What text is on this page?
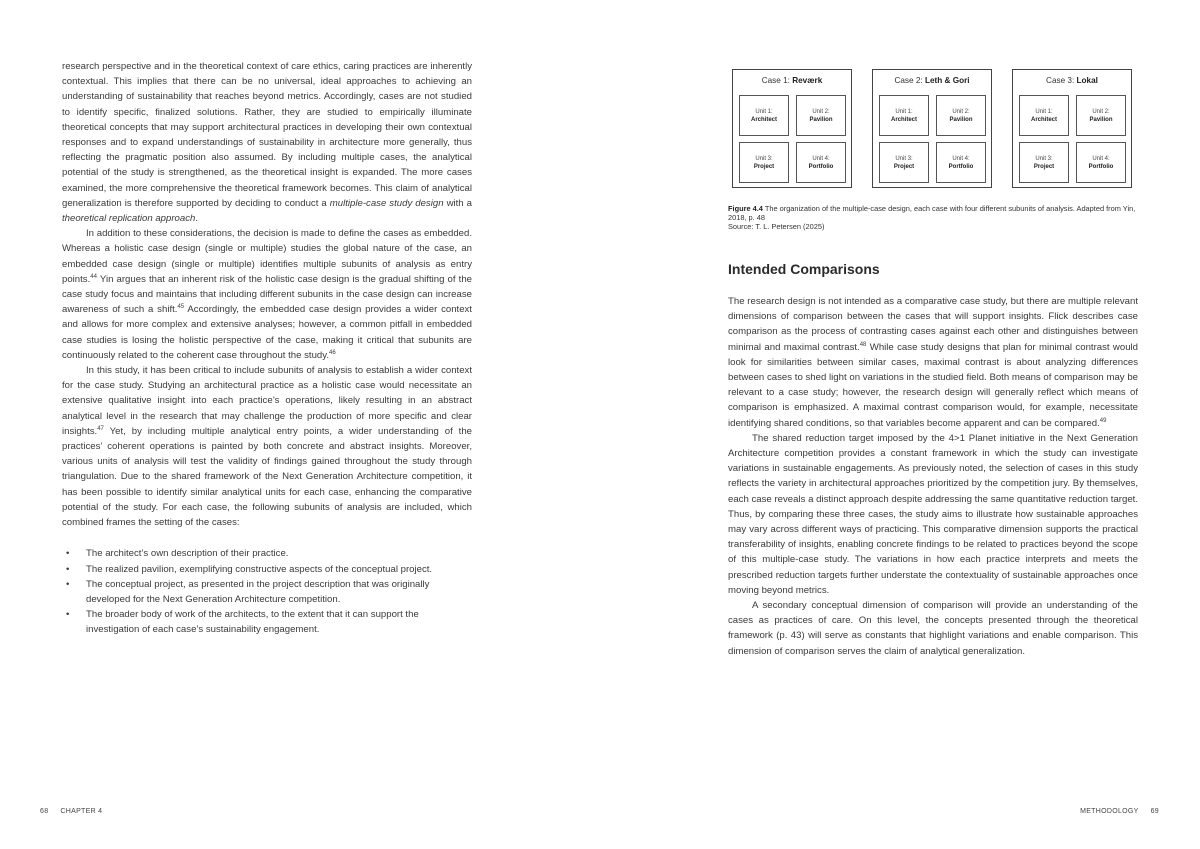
research perspective and in the theoretical context of care ethics, caring practices are inherently contextual. This implies that there can be no universal, ideal approaches to achieving an understanding of sustainability that reaches beyond metrics. Accordingly, cases are not studied to identify specific, finalized solutions. Rather, they are studied to empirically illuminate theoretical concepts that may support architectural practices in developing their own contextual responses and to expand understandings of sustainability in architecture more generally, thus reflecting the pragmatic position also assumed. By including multiple cases, the analytical potential of the study is strengthened, as the theoretical insight is expanded. The more cases examined, the more comprehensive the theoretical framework becomes. This claim of analytical generalization is therefore supported by deciding to conduct a multiple-case study design with a theoretical replication approach.

In addition to these considerations, the decision is made to define the cases as embedded. Whereas a holistic case design (single or multiple) studies the global nature of the case, an embedded case design (single or multiple) identifies multiple subunits of analysis as entry points.$^{44}$ Yin argues that an inherent risk of the holistic case design is the gradual shifting of the case study focus and maintains that including different subunits in the case design can increase awareness of such a shift.$^{45}$ Accordingly, the embedded case design provides a wider context and allows for more complex and extensive analyses; however, a common pitfall in embedded case studies is losing the holistic perspective of the case, making it critical that subunits are continuously related to the coherent case throughout the study.$^{46}$

In this study, it has been critical to include subunits of analysis to establish a wider context for the case study. Studying an architectural practice as a holistic case would necessitate an extensive qualitative insight into each practice’s operations, likely resulting in an abstract analytical level in the research that may challenge the production of more specific and clear insights.$^{47}$ Yet, by including multiple analytical entry points, a wider understanding of the practices’ coherent operations is painted by both concrete and abstract insights. Moreover, various units of analysis will test the validity of findings gained throughout the study through triangulation. Due to the shared framework of the Next Generation Architecture competition, it has been possible to identify similar analytical units for each case, enhancing the comparative potential of the study. For each case, the following subunits of analysis are included, which combined frames the setting of the cases:

• The architect’s own description of their practice.
• The realized pavilion, exemplifying constructive aspects of the conceptual project.
• The conceptual project, as presented in the project description that was originally developed for the Next Generation Architecture competition.
• The broader body of work of the architects, to the extent that it can support the investigation of each case’s sustainability engagement.
Case 1: Reværk
Unit 1:
Architect
Unit 2:
Pavilion
Unit 3:
Project
Unit 4:
Portfolio
Case 2: Leth & Gori
Unit 1:
Architect
Unit 2:
Pavilion
Unit 3:
Project
Unit 4:
Portfolio
Case 3: Lokal
Unit 1:
Architect
Unit 2:
Pavilion
Unit 3:
Project
Unit 4:
Portfolio
Figure 4.4 The organization of the multiple-case design, each case with four different subunits of analysis. Adapted from Yin, 2018, p. 48
Source: T. L. Petersen (2025)
Intended Comparisons

The research design is not intended as a comparative case study, but there are multiple relevant dimensions of comparison between the cases that will support insights. Flick describes case comparison as the process of contrasting cases against each other and distinguishes between minimal and maximal contrast.$^{48}$ While case study designs that plan for minimal contrast would look for similarities between similar cases, maximal contrast is about analyzing differences between cases to shed light on variations in the studied field. Both means of comparison may be relevant to a case study; however, the research design will generally reflect which means of comparison is emphasized. A maximal contrast comparison would, for example, necessitate identifying shared conditions, so that variables become apparent and can be compared.$^{49}$

The shared reduction target imposed by the 4>1 Planet initiative in the Next Generation Architecture competition provides a constant framework in which the study can investigate variations in sustainable engagements. As previously noted, the selection of cases in this study reflects the variety in architectural approaches prioritized by the competition jury. By themselves, each case reveals a distinct approach despite addressing the same quantitative reduction target. Thus, by comparing these three cases, the study aims to illustrate how sustainable approaches may vary across different ways of practicing. This comparative dimension supports the practical transferability of insights, enabling concrete findings to be related to practices beyond the scope of this multiple-case study. The variations in how each practice interprets and meets the prescribed reduction targets further understate the contextuality of sustainable approaches once moving beyond metrics.

A secondary conceptual dimension of comparison will provide an understanding of the cases as practices of care. On this level, the concepts presented through the theoretical framework (p. 43) will serve as constants that highlight variations and enable comparison. This dimension of comparison serves the claim of analytical generalization.

68 CHAPTER 4	METHODOLOGY 69
